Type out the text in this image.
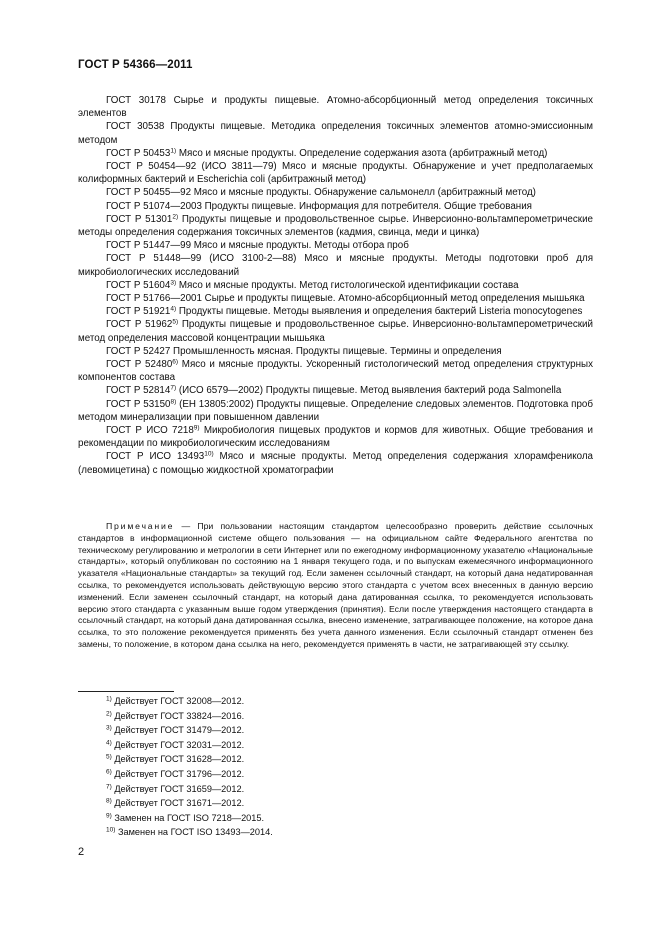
ГОСТ Р 54366—2011

ГОСТ 30178 Сырье и продукты пищевые. Атомно-абсорбционный метод определения токсичных элементов

ГОСТ 30538 Продукты пищевые. Методика определения токсичных элементов атомно-эмиссионным методом

ГОСТ Р 50453$^{1)}$ Мясо и мясные продукты. Определение содержания азота (арбитражный метод)

ГОСТ Р 50454—92 (ИСО 3811—79) Мясо и мясные продукты. Обнаружение и учет предполагаемых колиформных бактерий и Escherichia coli (арбитражный метод)

ГОСТ Р 50455—92 Мясо и мясные продукты. Обнаружение сальмонелл (арбитражный метод)

ГОСТ Р 51074—2003 Продукты пищевые. Информация для потребителя. Общие требования

ГОСТ Р 51301$^{2)}$ Продукты пищевые и продовольственное сырье. Инверсионно-вольтамперометрические методы определения содержания токсичных элементов (кадмия, свинца, меди и цинка)

ГОСТ Р 51447—99 Мясо и мясные продукты. Методы отбора проб

ГОСТ Р 51448—99 (ИСО 3100-2—88) Мясо и мясные продукты. Методы подготовки проб для микробиологических исследований

ГОСТ Р 51604$^{3)}$ Мясо и мясные продукты. Метод гистологической идентификации состава

ГОСТ Р 51766—2001 Сырье и продукты пищевые. Атомно-абсорбционный метод определения мышьяка

ГОСТ Р 51921$^{4)}$ Продукты пищевые. Методы выявления и определения бактерий Listeria monocytogenes

ГОСТ Р 51962$^{5)}$ Продукты пищевые и продовольственное сырье. Инверсионно-вольтамперометрический метод определения массовой концентрации мышьяка

ГОСТ Р 52427 Промышленность мясная. Продукты пищевые. Термины и определения

ГОСТ Р 52480$^{6)}$ Мясо и мясные продукты. Ускоренный гистологический метод определения структурных компонентов состава

ГОСТ Р 52814$^{7)}$ (ИСО 6579—2002) Продукты пищевые. Метод выявления бактерий рода Salmonella

ГОСТ Р 53150$^{8)}$ (ЕН 13805:2002) Продукты пищевые. Определение следовых элементов. Подготовка проб методом минерализации при повышенном давлении

ГОСТ Р ИСО 7218$^{9)}$ Микробиология пищевых продуктов и кормов для животных. Общие требования и рекомендации по микробиологическим исследованиям

ГОСТ Р ИСО 13493$^{10)}$ Мясо и мясные продукты. Метод определения содержания хлорамфеникола (левомицетина) с помощью жидкостной хроматографии

Примечание — При пользовании настоящим стандартом целесообразно проверить действие ссылочных стандартов в информационной системе общего пользования — на официальном сайте Федерального агентства по техническому регулированию и метрологии в сети Интернет или по ежегодному информационному указателю «Национальные стандарты», который опубликован по состоянию на 1 января текущего года, и по выпускам ежемесячного информационного указателя «Национальные стандарты» за текущий год. Если заменен ссылочный стандарт, на который дана недатированная ссылка, то рекомендуется использовать действующую версию этого стандарта с учетом всех внесенных в данную версию изменений. Если заменен ссылочный стандарт, на который дана датированная ссылка, то рекомендуется использовать версию этого стандарта с указанным выше годом утверждения (принятия). Если после утверждения настоящего стандарта в ссылочный стандарт, на который дана датированная ссылка, внесено изменение, затрагивающее положение, на которое дана ссылка, то это положение рекомендуется применять без учета данного изменения. Если ссылочный стандарт отменен без замены, то положение, в котором дана ссылка на него, рекомендуется применять в части, не затрагивающей эту ссылку.

$^{1)}$ Действует ГОСТ 32008—2012.

$^{2)}$ Действует ГОСТ 33824—2016.

$^{3)}$ Действует ГОСТ 31479—2012.

$^{4)}$ Действует ГОСТ 32031—2012.

$^{5)}$ Действует ГОСТ 31628—2012.

$^{6)}$ Действует ГОСТ 31796—2012.

$^{7)}$ Действует ГОСТ 31659—2012.

$^{8)}$ Действует ГОСТ 31671—2012.

$^{9)}$ Заменен на ГОСТ ISO 7218—2015.

$^{10)}$ Заменен на ГОСТ ISO 13493—2014.

2
